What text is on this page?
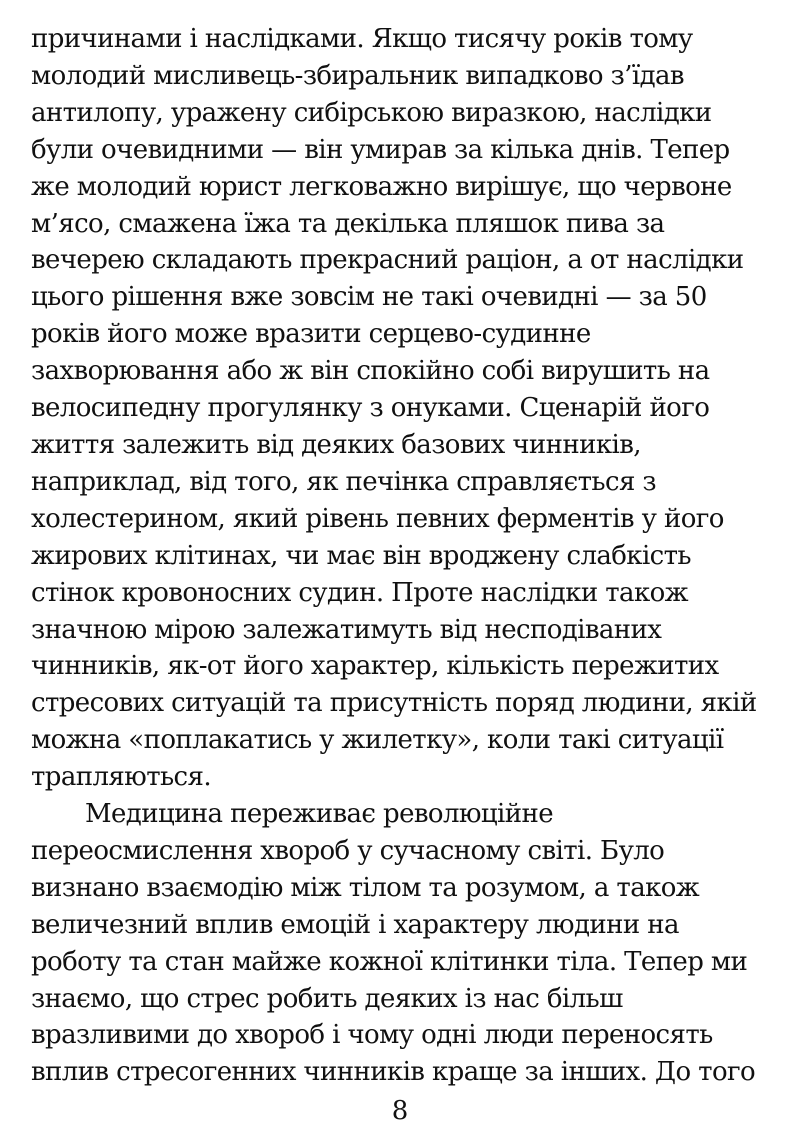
причинами і наслідками. Якщо тисячу років тому
молодий мисливець-збиральник випадково з’їдав
антилопу, уражену сибірською виразкою, наслідки
були очевидними — він умирав за кілька днів. Тепер
же молодий юрист легковажно вирішує, що червоне
м’ясо, смажена їжа та декілька пляшок пива за
вечерею складають прекрасний раціон, а от наслідки
цього рішення вже зовсім не такі очевидні — за 50
років його може вразити серцево-судинне
захворювання або ж він спокійно собі вирушить на
велосипедну прогулянку з онуками. Сценарій його
життя залежить від деяких базових чинників,
наприклад, від того, як печінка справляється з
холестерином, який рівень певних ферментів у його
жирових клітинах, чи має він вроджену слабкість
стінок кровоносних судин. Проте наслідки також
значною мірою залежатимуть від несподіваних
чинників, як-от його характер, кількість пережитих
стресових ситуацій та присутність поряд людини, якій
можна «поплакатись у жилетку», коли такі ситуації
трапляються.

Медицина переживає революційне
переосмислення хвороб у сучасному світі. Було
визнано взаємодію між тілом та розумом, а також
величезний вплив емоцій і характеру людини на
роботу та стан майже кожної клітинки тіла. Тепер ми
знаємо, що стрес робить деяких із нас більш
вразливими до хвороб і чому одні люди переносять
вплив стресогенних чинників краще за інших. До того

8
